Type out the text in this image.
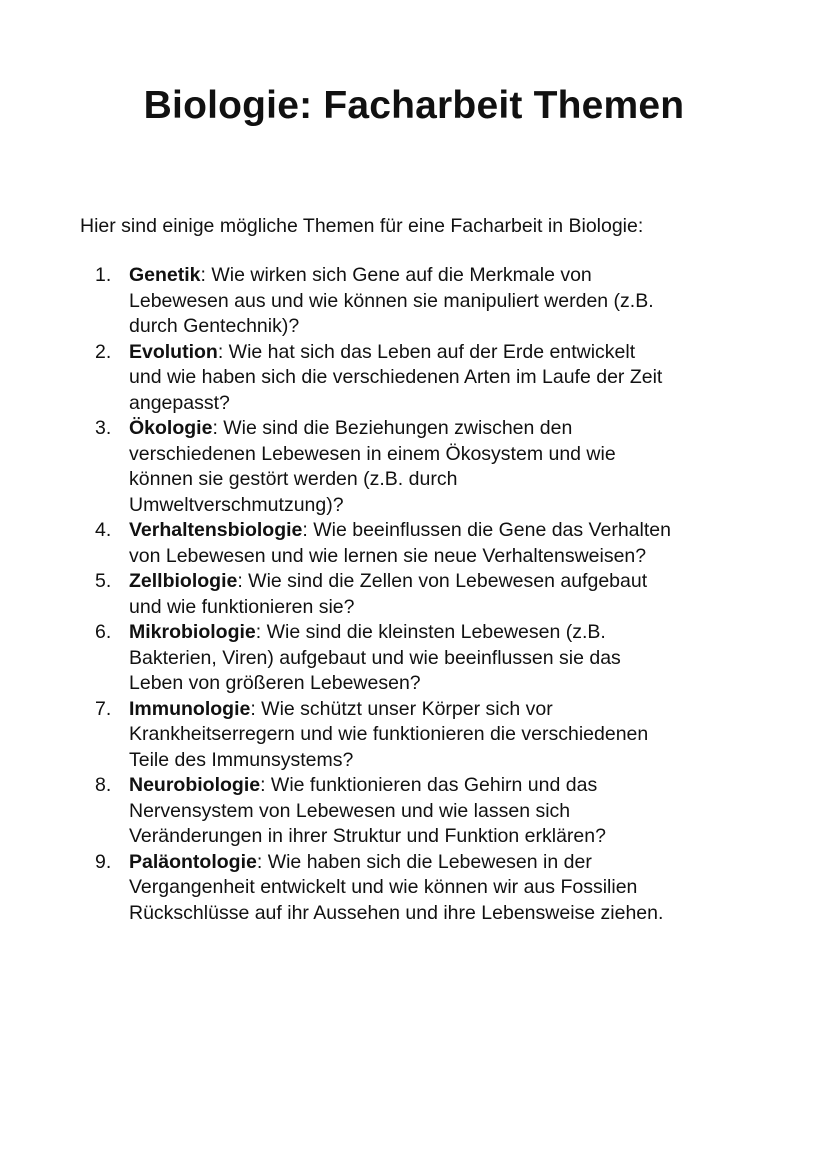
Biologie: Facharbeit Themen

Hier sind einige mögliche Themen für eine Facharbeit in Biologie:

1. Genetik: Wie wirken sich Gene auf die Merkmale von
Lebewesen aus und wie können sie manipuliert werden (z.B.
durch Gentechnik)?
2. Evolution: Wie hat sich das Leben auf der Erde entwickelt
und wie haben sich die verschiedenen Arten im Laufe der Zeit
angepasst?
3. Ökologie: Wie sind die Beziehungen zwischen den
verschiedenen Lebewesen in einem Ökosystem und wie
können sie gestört werden (z.B. durch
Umweltverschmutzung)?
4. Verhaltensbiologie: Wie beeinflussen die Gene das Verhalten
von Lebewesen und wie lernen sie neue Verhaltensweisen?
5. Zellbiologie: Wie sind die Zellen von Lebewesen aufgebaut
und wie funktionieren sie?
6. Mikrobiologie: Wie sind die kleinsten Lebewesen (z.B.
Bakterien, Viren) aufgebaut und wie beeinflussen sie das
Leben von größeren Lebewesen?
7. Immunologie: Wie schützt unser Körper sich vor
Krankheitserregern und wie funktionieren die verschiedenen
Teile des Immunsystems?
8. Neurobiologie: Wie funktionieren das Gehirn und das
Nervensystem von Lebewesen und wie lassen sich
Veränderungen in ihrer Struktur und Funktion erklären?
9. Paläontologie: Wie haben sich die Lebewesen in der
Vergangenheit entwickelt und wie können wir aus Fossilien
Rückschlüsse auf ihr Aussehen und ihre Lebensweise ziehen.
